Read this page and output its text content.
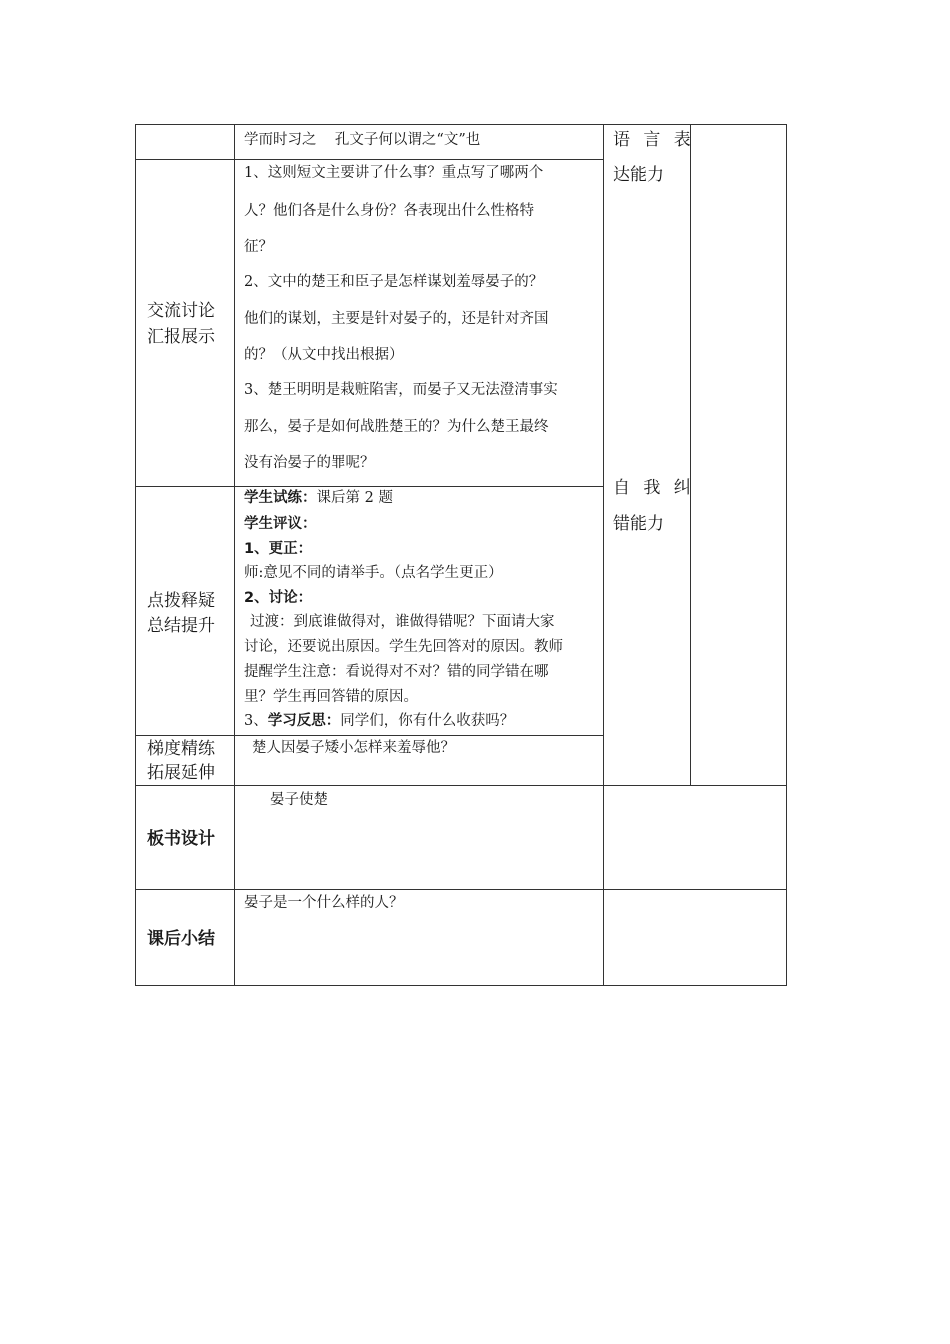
学而时习之    孔文子何以谓之“文”也	语 言 表
达能力
自 我 纠
错能力
交流讨论
汇报展示
1、这则短文主要讲了什么事？重点写了哪两个
人？他们各是什么身份？各表现出什么性格特
征？
2、文中的楚王和臣子是怎样谋划羞辱晏子的？
他们的谋划，主要是针对晏子的，还是针对齐国
的？（从文中找出根据）
3、楚王明明是栽赃陷害，而晏子又无法澄清事实
那么，晏子是如何战胜楚王的？为什么楚王最终
没有治晏子的罪呢？
点拨释疑
总结提升
学生试练：课后第 2 题
学生评议：
1、更正：
师:意见不同的请举手。（点名学生更正）
2、讨论：
过渡：到底谁做得对，谁做得错呢？下面请大家
讨论，还要说出原因。学生先回答对的原因。教师
提醒学生注意：看说得对不对？错的同学错在哪
里？学生再回答错的原因。
3、学习反思：同学们，你有什么收获吗？
梯度精练
拓展延伸
楚人因晏子矮小怎样来羞辱他？
板书设计
晏子使楚
课后小结
晏子是一个什么样的人？
